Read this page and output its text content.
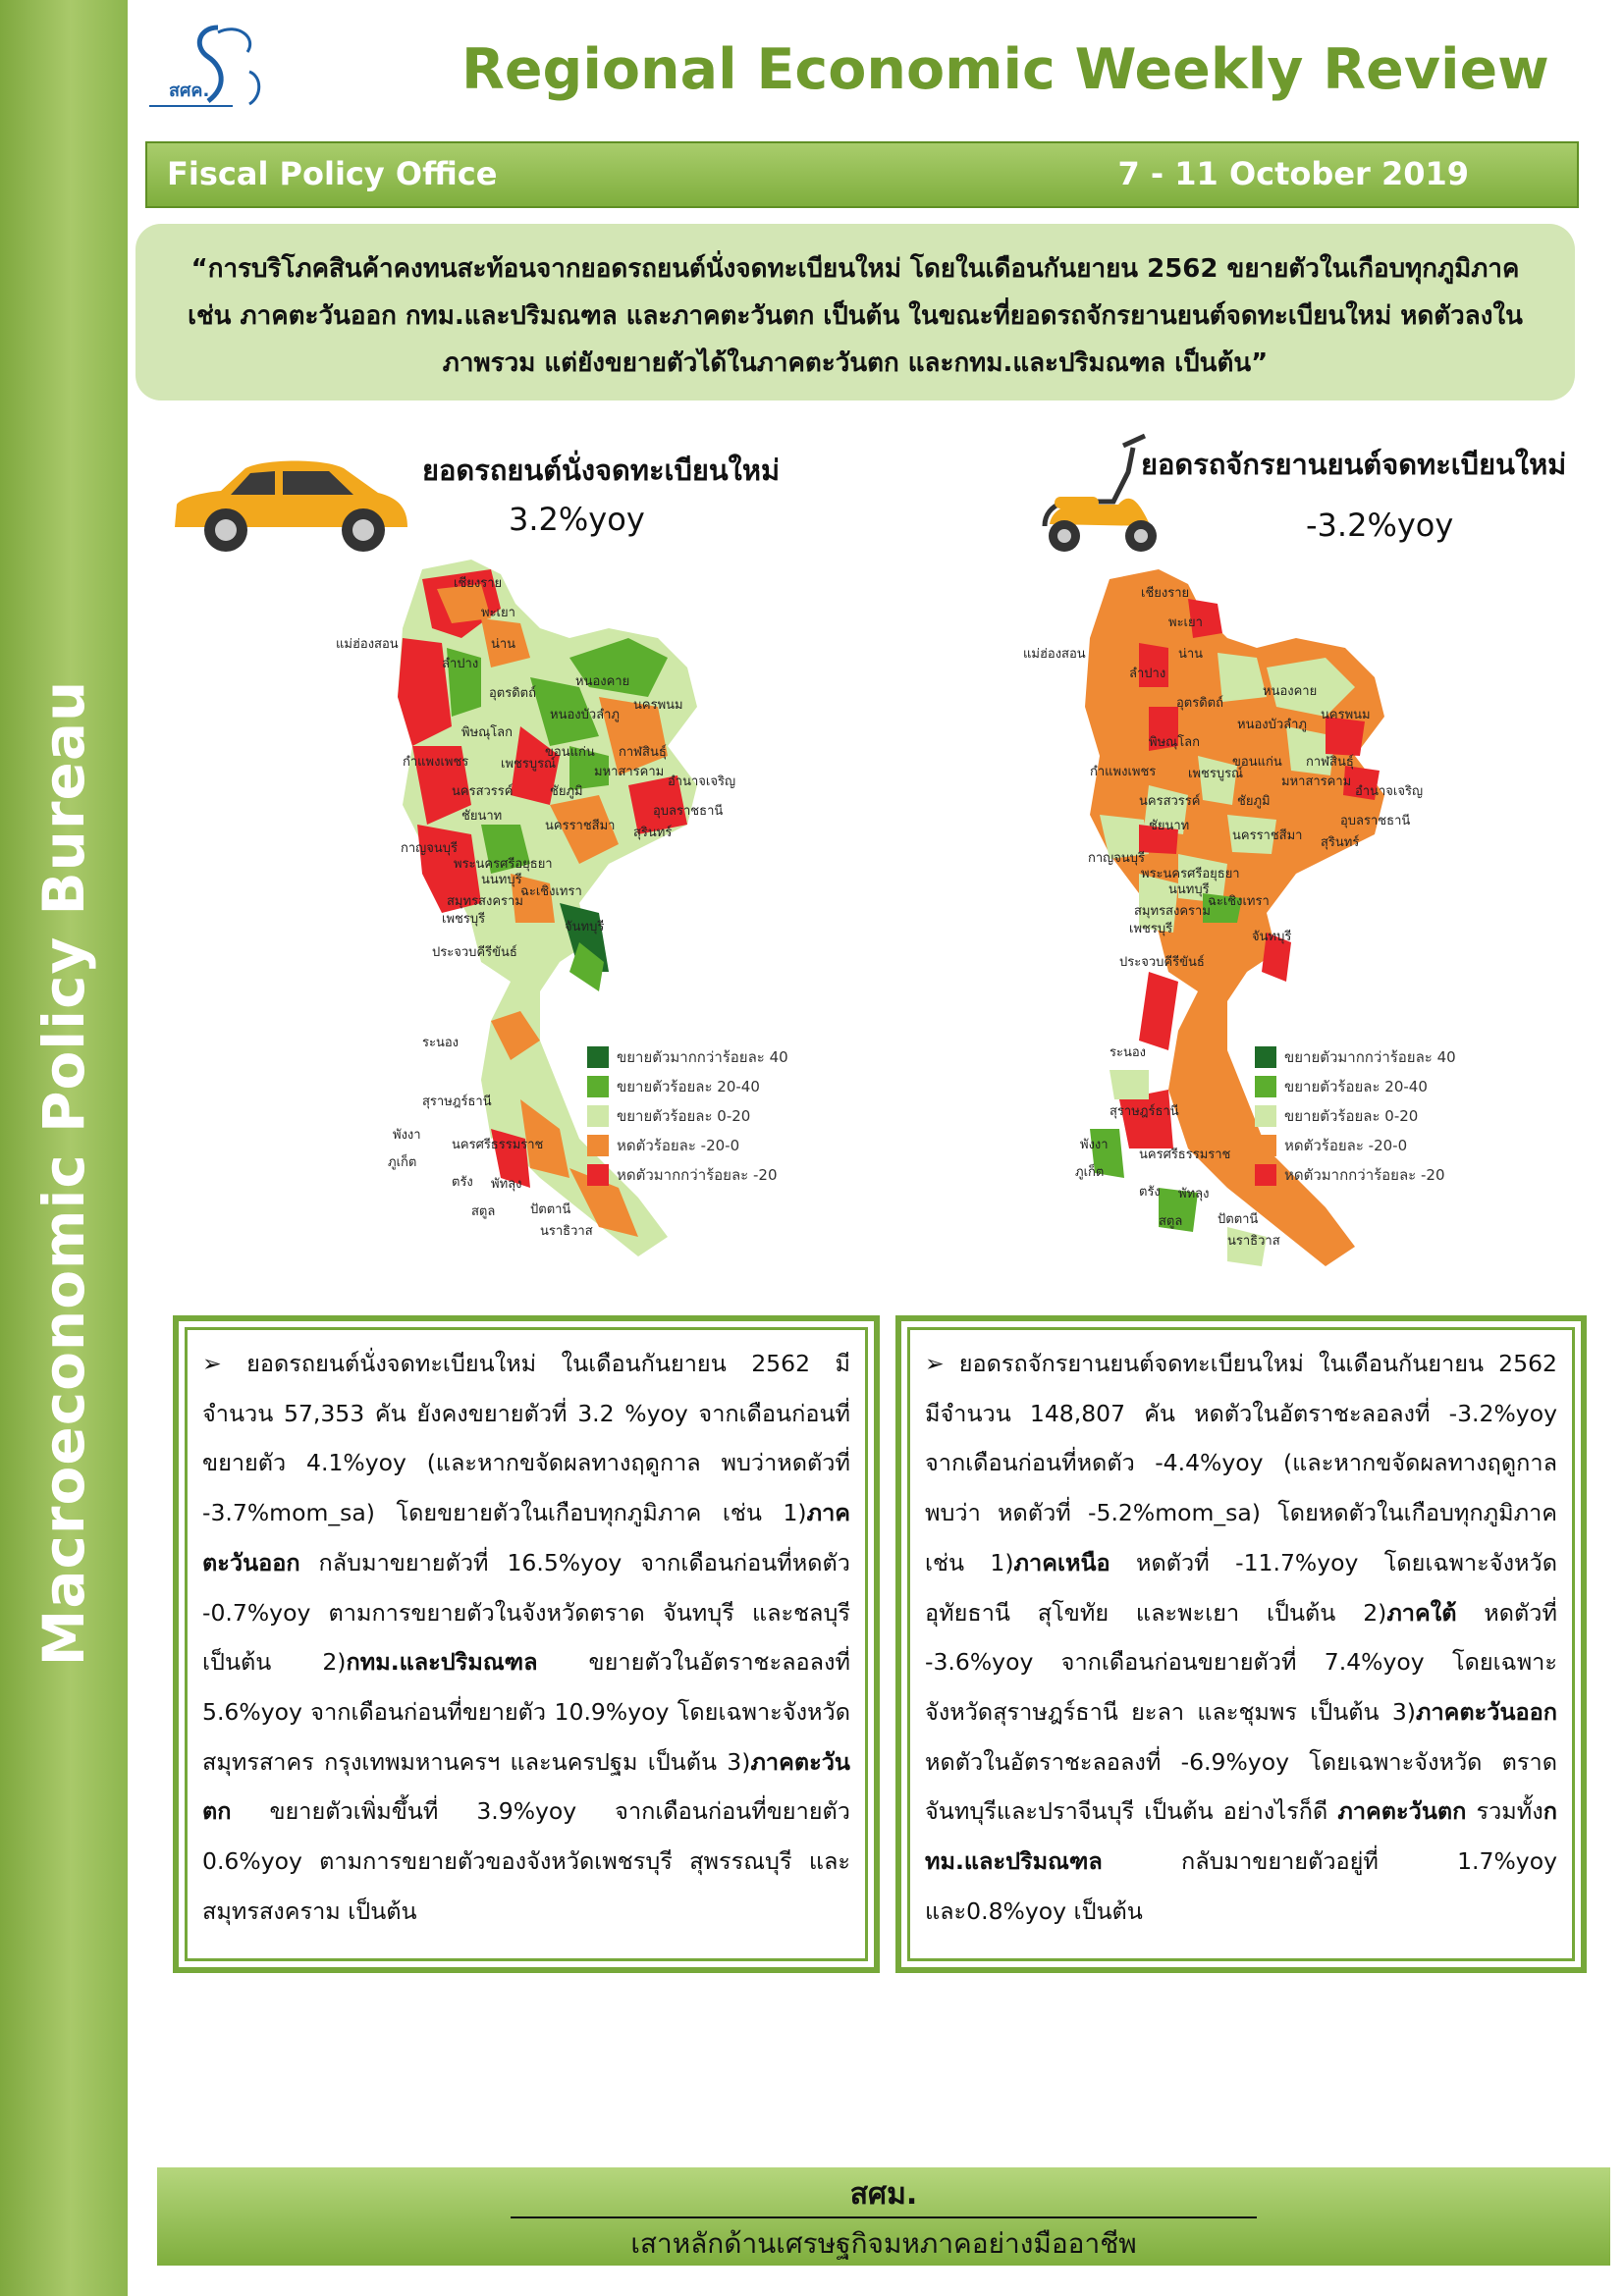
Macroeconomic Policy Bureau
สศค.	Regional Economic Weekly Review
Fiscal Policy Office	7 - 11 October 2019
“การบริโภคสินค้าคงทนสะท้อนจากยอดรถยนต์นั่งจดทะเบียนใหม่ โดยในเดือนกันยายน 2562 ขยายตัวในเกือบทุกภูมิภาค เช่น ภาคตะวันออก กทม.และปริมณฑล และภาคตะวันตก เป็นต้น ในขณะที่ยอดรถจักรยานยนต์จดทะเบียนใหม่ หดตัวลงในภาพรวม แต่ยังขยายตัวได้ในภาคตะวันตก และกทม.และปริมณฑล เป็นต้น”
ยอดรถยนต์นั่งจดทะเบียนใหม่
3.2%yoy
ยอดรถจักรยานยนต์จดทะเบียนใหม่
-3.2%yoy
เชียงราย
พะเยา
น่าน
แม่ฮ่องสอน
ลำปาง
อุตรดิตถ์
หนองคาย
นครพนม
พิษณุโลก
หนองบัวลำภู
ขอนแก่น กาฬสินธุ์
กำแพงเพชร	เพชรบูรณ์
มหาสารคาม
อำนาจเจริญ
นครสวรรค์	ชัยภูมิ
อุบลราชธานี
ชัยนาท
นครราชสีมา สุรินทร์
กาญจนบุรี
พระนครศรีอยุธยา
นนทบุรี
ฉะเชิงเทรา
สมุทรสงคราม
เพชรบุรี
จันทบุรี
ประจวบคีรีขันธ์
ระนอง
สุราษฎร์ธานี
พังงา
นครศรีธรรมราช
ภูเก็ต
ตรัง พัทลุง
สตูล	ปัตตานี
นราธิวาส
เชียงราย
พะเยา
น่าน
แม่ฮ่องสอน
ลำปาง
อุตรดิตถ์
หนองคาย
นครพนม
พิษณุโลก
หนองบัวลำภู
ขอนแก่น กาฬสินธุ์
กำแพงเพชร	เพชรบูรณ์
มหาสารคาม
อำนาจเจริญ
นครสวรรค์	ชัยภูมิ
อุบลราชธานี
ชัยนาท
นครราชสีมา สุรินทร์
กาญจนบุรี
พระนครศรีอยุธยา
นนทบุรี
ฉะเชิงเทรา
สมุทรสงคราม
เพชรบุรี
จันทบุรี
ประจวบคีรีขันธ์
ระนอง
สุราษฎร์ธานี
พังงา
นครศรีธรรมราช
ภูเก็ต
ตรัง พัทลุง
สตูล	ปัตตานี
นราธิวาส
ขยายตัวมากกว่าร้อยละ 40
ขยายตัวร้อยละ 20-40
ขยายตัวร้อยละ 0-20
หดตัวร้อยละ -20-0
หดตัวมากกว่าร้อยละ -20
ขยายตัวมากกว่าร้อยละ 40
ขยายตัวร้อยละ 20-40
ขยายตัวร้อยละ 0-20
หดตัวร้อยละ -20-0
หดตัวมากกว่าร้อยละ -20

➢ ยอดรถยนต์นั่งจดทะเบียนใหม่ ในเดือนกันยายน 2562 มีจำนวน 57,353 คัน ยังคงขยายตัวที่ 3.2 %yoy จากเดือนก่อนที่ขยายตัว 4.1%yoy (และหากขจัดผลทางฤดูกาล พบว่าหดตัวที่ -3.7%mom_sa) โดยขยายตัวในเกือบทุกภูมิภาค เช่น 1)ภาคตะวันออก กลับมาขยายตัวที่ 16.5%yoy จากเดือนก่อนที่หดตัว -0.7%yoy ตามการขยายตัวในจังหวัดตราด จันทบุรี และชลบุรี เป็นต้น 2)กทม.และปริมณฑล ขยายตัวในอัตราชะลอลงที่ 5.6%yoy จากเดือนก่อนที่ขยายตัว 10.9%yoy โดยเฉพาะจังหวัดสมุทรสาคร กรุงเทพมหานครฯ และนครปฐม เป็นต้น 3)ภาคตะวันตก ขยายตัวเพิ่มขึ้นที่ 3.9%yoy จากเดือนก่อนที่ขยายตัว 0.6%yoy ตามการขยายตัวของจังหวัดเพชรบุรี สุพรรณบุรี และสมุทรสงคราม เป็นต้น

➢ ยอดรถจักรยานยนต์จดทะเบียนใหม่ ในเดือนกันยายน 2562 มีจำนวน 148,807 คัน หดตัวในอัตราชะลอลงที่ -3.2%yoy จากเดือนก่อนที่หดตัว -4.4%yoy (และหากขจัดผลทางฤดูกาล พบว่า หดตัวที่ -5.2%mom_sa) โดยหดตัวในเกือบทุกภูมิภาค เช่น 1)ภาคเหนือ หดตัวที่ -11.7%yoy โดยเฉพาะจังหวัดอุทัยธานี สุโขทัย และพะเยา เป็นต้น 2)ภาคใต้ หดตัวที่ -3.6%yoy จากเดือนก่อนขยายตัวที่ 7.4%yoy โดยเฉพาะจังหวัดสุราษฎร์ธานี ยะลา และชุมพร เป็นต้น 3)ภาคตะวันออก หดตัวในอัตราชะลอลงที่ -6.9%yoy โดยเฉพาะจังหวัด ตราด จันทบุรีและปราจีนบุรี เป็นต้น อย่างไรก็ดี ภาคตะวันตก รวมทั้งกทม.และปริมณฑล กลับมาขยายตัวอยู่ที่ 1.7%yoy และ0.8%yoy เป็นต้น

สศม.
เสาหลักด้านเศรษฐกิจมหภาคอย่างมืออาชีพ
